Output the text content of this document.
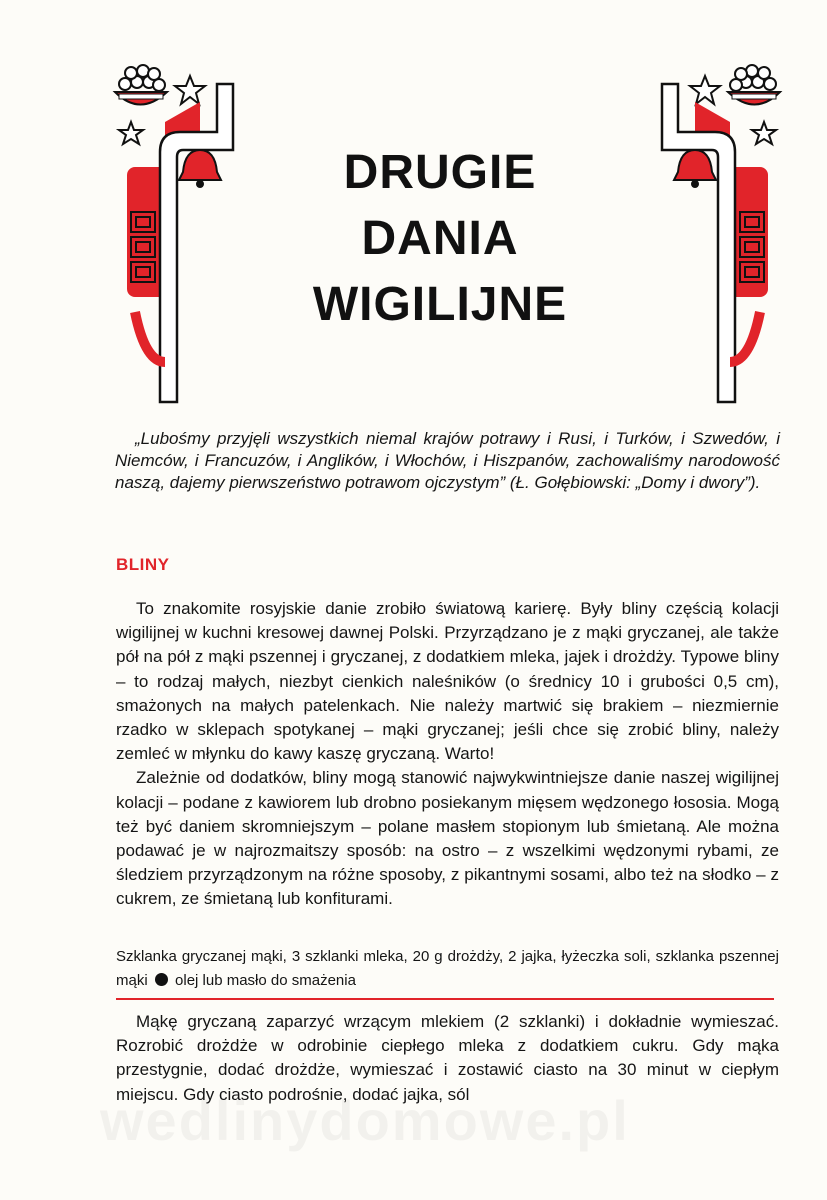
DRUGIE
DANIA
WIGILIJNE
„Lubośmy przyjęli wszystkich niemal krajów potrawy i Rusi, i Turków, i Szwedów, i Niemców, i Francuzów, i Anglików, i Włochów, i Hiszpanów, zachowaliśmy narodowość naszą, dajemy pierwszeństwo potrawom ojczystym” (Ł. Gołębiowski: „Domy i dwory”).
BLINY

To znakomite rosyjskie danie zrobiło światową karierę. Były bliny częścią kolacji wigilijnej w kuchni kresowej dawnej Polski. Przyrządzano je z mąki gryczanej, ale także pół na pół z mąki pszennej i gryczanej, z dodatkiem mleka, jajek i drożdży. Typowe bliny – to rodzaj małych, niezbyt cienkich naleśników (o średnicy 10 i grubości 0,5 cm), smażonych na małych patelenkach. Nie należy martwić się brakiem – niezmiernie rzadko w sklepach spotykanej – mąki gryczanej; jeśli chce się zrobić bliny, należy zemleć w młynku do kawy kaszę gryczaną. Warto!

Zależnie od dodatków, bliny mogą stanowić najwykwintniejsze danie naszej wigilijnej kolacji – podane z kawiorem lub drobno posiekanym mięsem wędzonego łososia. Mogą też być daniem skromniejszym – polane masłem stopionym lub śmietaną. Ale można podawać je w najrozmaitszy sposób: na ostro – z wszelkimi wędzonymi rybami, ze śledziem przyrządzonym na różne sposoby, z pikantnymi sosami, albo też na słodko – z cukrem, ze śmietaną lub konfiturami.

Szklanka gryczanej mąki, 3 szklanki mleka, 20 g drożdży, 2 jajka, łyżeczka soli, szklanka pszennej mąki olej lub masło do smażenia

Mąkę gryczaną zaparzyć wrzącym mlekiem (2 szklanki) i dokładnie wymieszać. Rozrobić drożdże w odrobinie ciepłego mleka z dodatkiem cukru. Gdy mąka przestygnie, dodać drożdże, wymieszać i zostawić ciasto na 30 minut w ciepłym miejscu. Gdy ciasto podrośnie, dodać jajka, sól
